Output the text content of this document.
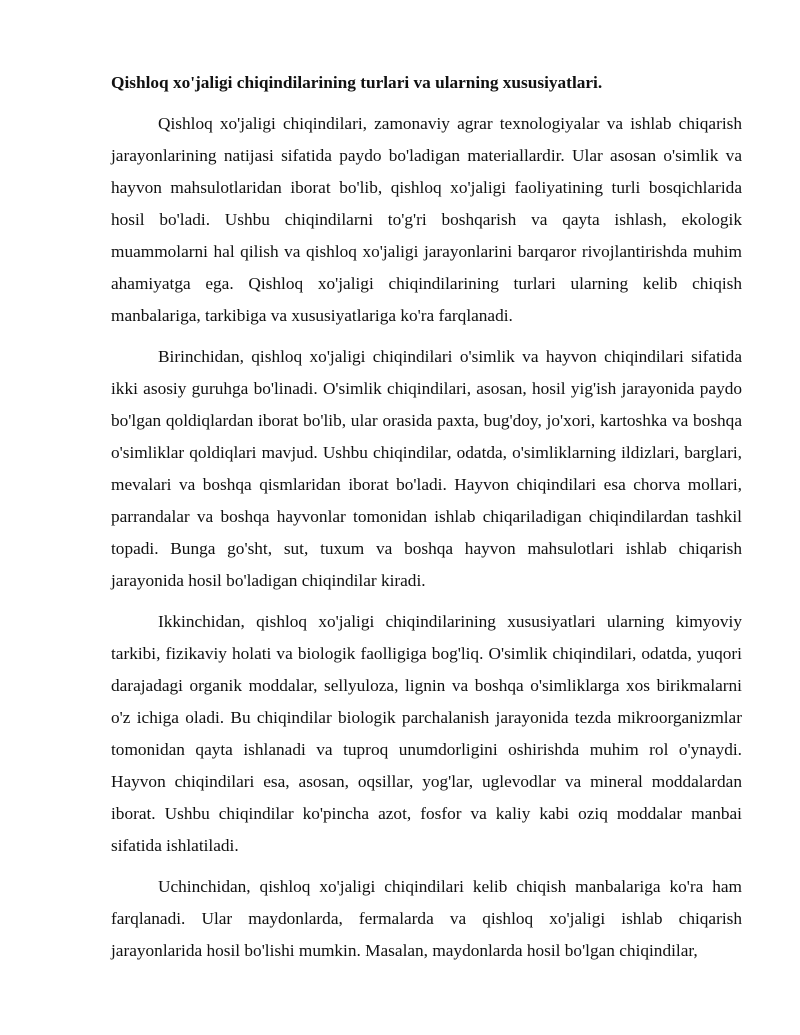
Qishloq xo'jaligi chiqindilarining turlari va ularning xususiyatlari.

Qishloq xo'jaligi chiqindilari, zamonaviy agrar texnologiyalar va ishlab chiqarish jarayonlarining natijasi sifatida paydo bo'ladigan materiallardir. Ular asosan o'simlik va hayvon mahsulotlaridan iborat bo'lib, qishloq xo'jaligi faoliyatining turli bosqichlarida hosil bo'ladi. Ushbu chiqindilarni to'g'ri boshqarish va qayta ishlash, ekologik muammolarni hal qilish va qishloq xo'jaligi jarayonlarini barqaror rivojlantirishda muhim ahamiyatga ega. Qishloq xo'jaligi chiqindilarining turlari ularning kelib chiqish manbalariga, tarkibiga va xususiyatlariga ko'ra farqlanadi.

Birinchidan, qishloq xo'jaligi chiqindilari o'simlik va hayvon chiqindilari sifatida ikki asosiy guruhga bo'linadi. O'simlik chiqindilari, asosan, hosil yig'ish jarayonida paydo bo'lgan qoldiqlardan iborat bo'lib, ular orasida paxta, bug'doy, jo'xori, kartoshka va boshqa o'simliklar qoldiqlari mavjud. Ushbu chiqindilar, odatda, o'simliklarning ildizlari, barglari, mevalari va boshqa qismlaridan iborat bo'ladi. Hayvon chiqindilari esa chorva mollari, parrandalar va boshqa hayvonlar tomonidan ishlab chiqariladigan chiqindilardan tashkil topadi. Bunga go'sht, sut, tuxum va boshqa hayvon mahsulotlari ishlab chiqarish jarayonida hosil bo'ladigan chiqindilar kiradi.

Ikkinchidan, qishloq xo'jaligi chiqindilarining xususiyatlari ularning kimyoviy tarkibi, fizikaviy holati va biologik faolligiga bog'liq. O'simlik chiqindilari, odatda, yuqori darajadagi organik moddalar, sellyuloza, lignin va boshqa o'simliklarga xos birikmalarni o'z ichiga oladi. Bu chiqindilar biologik parchalanish jarayonida tezda mikroorganizmlar tomonidan qayta ishlanadi va tuproq unumdorligini oshirishda muhim rol o'ynaydi. Hayvon chiqindilari esa, asosan, oqsillar, yog'lar, uglevodlar va mineral moddalardan iborat. Ushbu chiqindilar ko'pincha azot, fosfor va kaliy kabi oziq moddalar manbai sifatida ishlatiladi.

Uchinchidan, qishloq xo'jaligi chiqindilari kelib chiqish manbalariga ko'ra ham farqlanadi. Ular maydonlarda, fermalarda va qishloq xo'jaligi ishlab chiqarish jarayonlarida hosil bo'lishi mumkin. Masalan, maydonlarda hosil bo'lgan chiqindilar,
